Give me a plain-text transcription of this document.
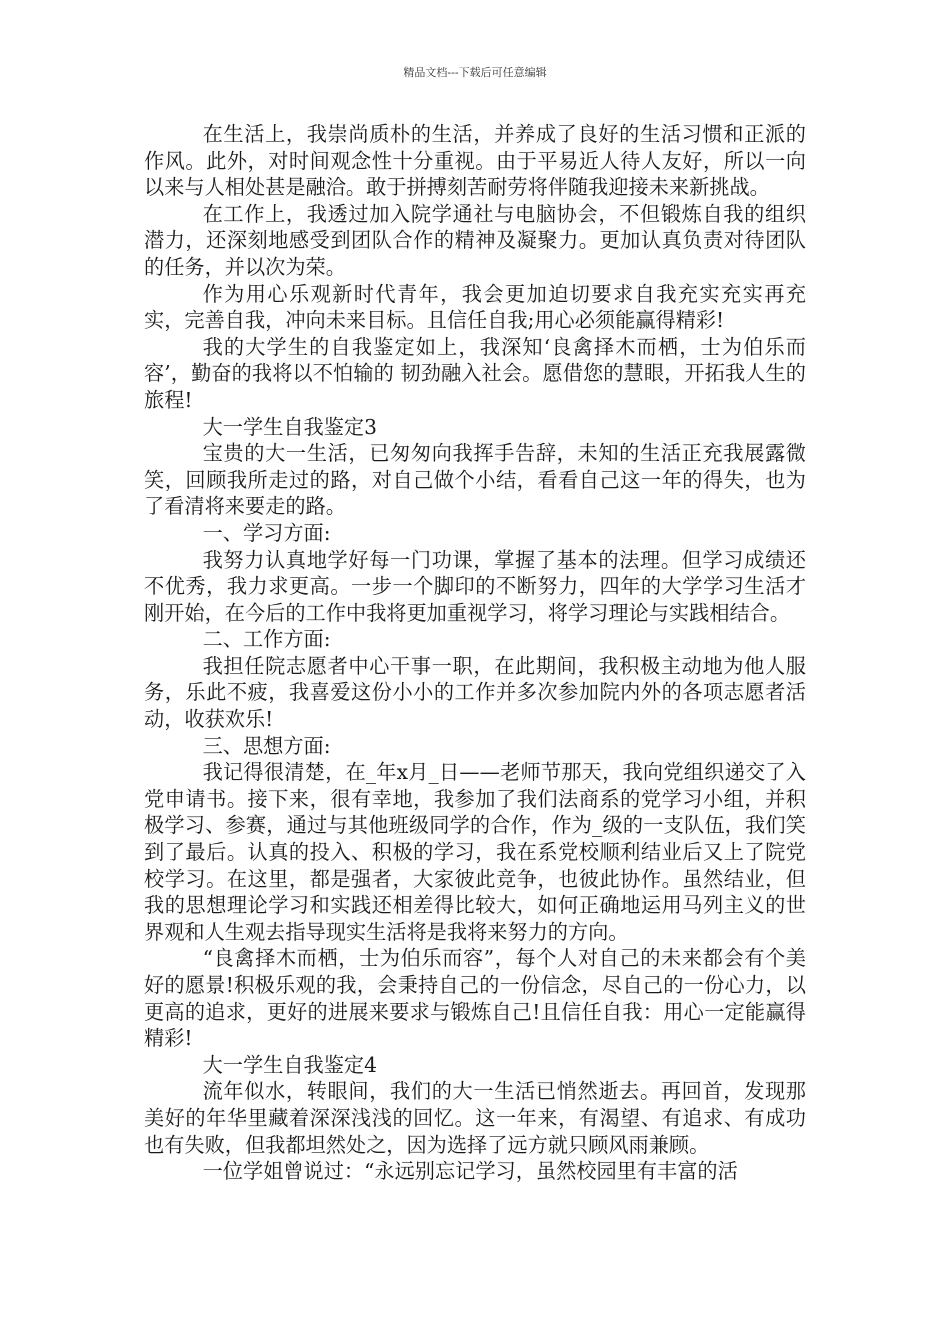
精品文档---下载后可任意编辑

在生活上，我崇尚质朴的生活，并养成了良好的生活习惯和正派的作风。此外，对时间观念性十分重视。由于平易近人待人友好，所以一向以来与人相处甚是融洽。敢于拼搏刻苦耐劳将伴随我迎接未来新挑战。

在工作上，我透过加入院学通社与电脑协会，不但锻炼自我的组织潜力，还深刻地感受到团队合作的精神及凝聚力。更加认真负责对待团队的任务，并以次为荣。

作为用心乐观新时代青年，我会更加迫切要求自我充实充实再充实，完善自我，冲向未来目标。且信任自我;用心必须能赢得精彩!

我的大学生的自我鉴定如上，我深知‘良禽择木而栖，士为伯乐而容’，勤奋的我将以不怕输的 韧劲融入社会。愿借您的慧眼，开拓我人生的旅程!

大一学生自我鉴定3

宝贵的大一生活，已匆匆向我挥手告辞，未知的生活正充我展露微笑，回顾我所走过的路，对自己做个小结，看看自己这一年的得失，也为了看清将来要走的路。

一、学习方面:

我努力认真地学好每一门功课，掌握了基本的法理。但学习成绩还不优秀，我力求更高。一步一个脚印的不断努力，四年的大学学习生活才刚开始，在今后的工作中我将更加重视学习，将学习理论与实践相结合。

二、工作方面:

我担任院志愿者中心干事一职，在此期间，我积极主动地为他人服务，乐此不疲，我喜爱这份小小的工作并多次参加院内外的各项志愿者活动，收获欢乐!

三、思想方面:

我记得很清楚，在_年x月_日——老师节那天，我向党组织递交了入党申请书。接下来，很有幸地，我参加了我们法商系的党学习小组，并积极学习、参赛，通过与其他班级同学的合作，作为_级的一支队伍，我们笑到了最后。认真的投入、积极的学习，我在系党校顺利结业后又上了院党校学习。在这里，都是强者，大家彼此竞争，也彼此协作。虽然结业，但我的思想理论学习和实践还相差得比较大，如何正确地运用马列主义的世界观和人生观去指导现实生活将是我将来努力的方向。

“良禽择木而栖，士为伯乐而容”，每个人对自己的未来都会有个美好的愿景!积极乐观的我，会秉持自己的一份信念，尽自己的一份心力，以更高的追求，更好的进展来要求与锻炼自己!且信任自我：用心一定能赢得精彩!

大一学生自我鉴定4

流年似水，转眼间，我们的大一生活已悄然逝去。再回首，发现那美好的年华里藏着深深浅浅的回忆。这一年来，有渴望、有追求、有成功也有失败，但我都坦然处之，因为选择了远方就只顾风雨兼顾。

一位学姐曾说过：“永远别忘记学习，虽然校园里有丰富的活
